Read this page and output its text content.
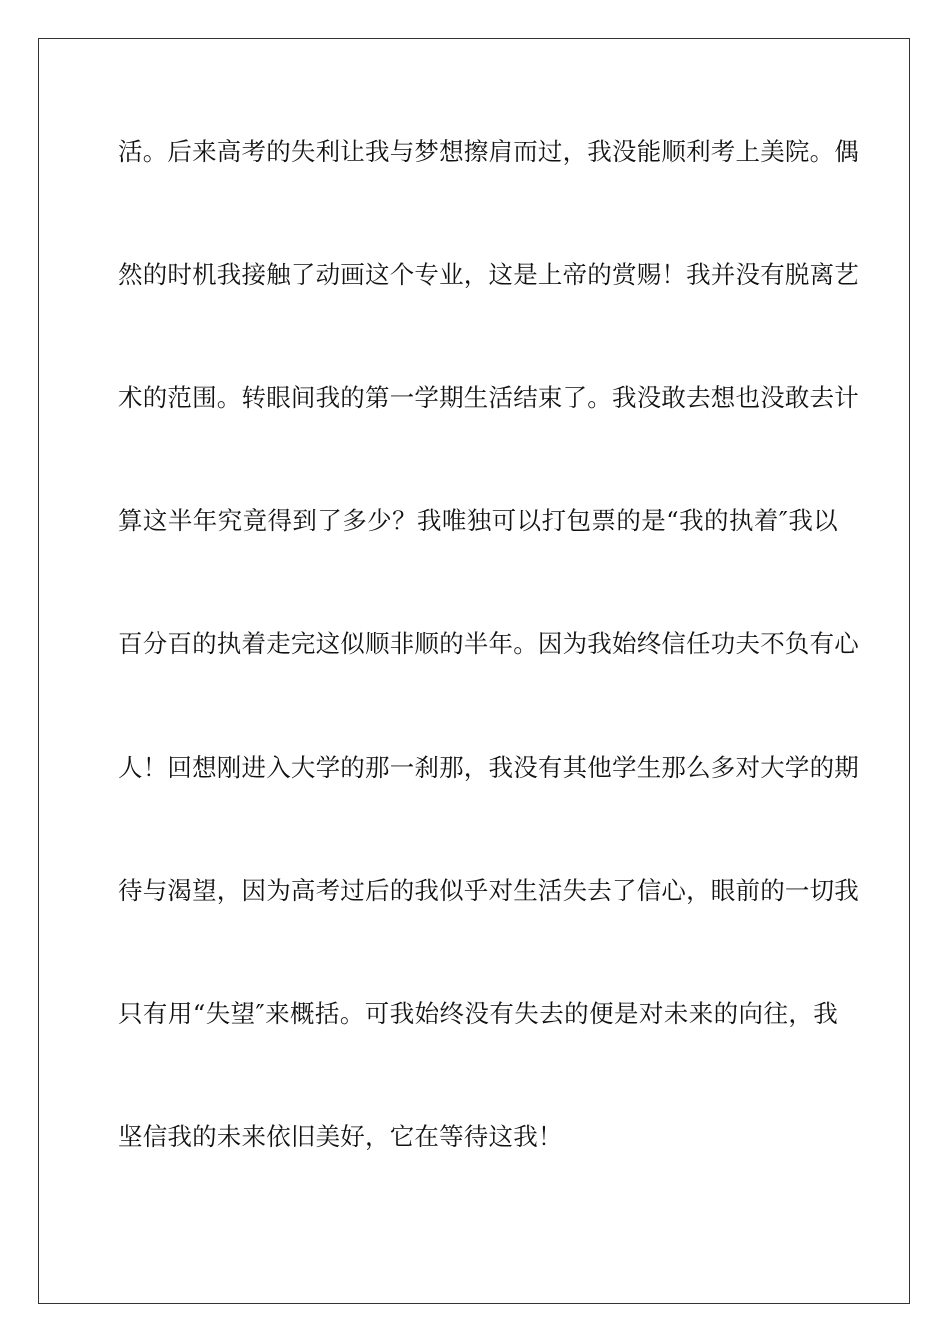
活。后来高考的失利让我与梦想擦肩而过，我没能顺利考上美院。偶
然的时机我接触了动画这个专业，这是上帝的赏赐！我并没有脱离艺
术的范围。转眼间我的第一学期生活结束了。我没敢去想也没敢去计
算这半年究竟得到了多少？我唯独可以打包票的是“我的执着″我以
百分百的执着走完这似顺非顺的半年。因为我始终信任功夫不负有心
人！回想刚进入大学的那一刹那，我没有其他学生那么多对大学的期
待与渴望，因为高考过后的我似乎对生活失去了信心，眼前的一切我
只有用“失望″来概括。可我始终没有失去的便是对未来的向往，我
坚信我的未来依旧美好，它在等待这我！
